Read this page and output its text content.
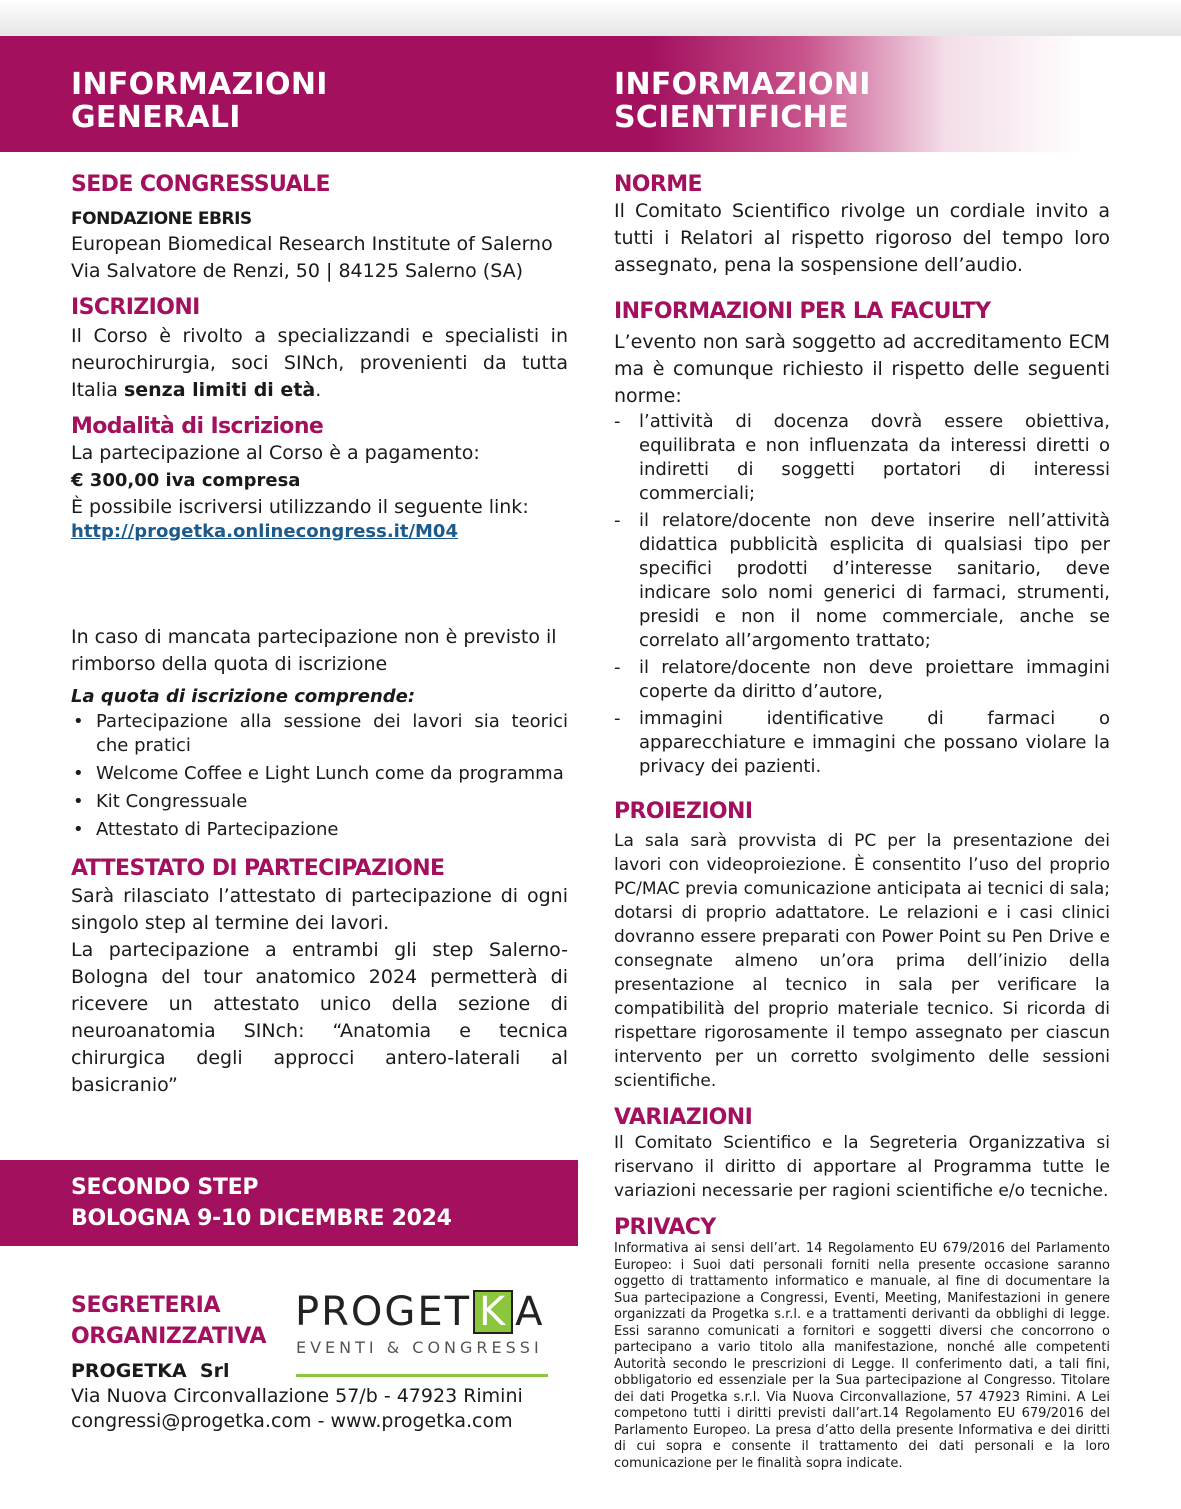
INFORMAZIONI
GENERALI
INFORMAZIONI
SCIENTIFICHE
SEDE CONGRESSUALE
FONDAZIONE EBRIS
European Biomedical Research Institute of Salerno
Via Salvatore de Renzi, 50 | 84125 Salerno (SA)
ISCRIZIONI
Il Corso è rivolto a specializzandi e specialisti in neurochirurgia, soci SINch, provenienti da tutta Italia senza limiti di età.
Modalità di Iscrizione
La partecipazione al Corso è a pagamento:
€ 300,00 iva compresa
È possibile iscriversi utilizzando il seguente link:
http://progetka.onlinecongress.it/M04
In caso di mancata partecipazione non è previsto il rimborso della quota di iscrizione
La quota di iscrizione comprende:
• Partecipazione alla sessione dei lavori sia teorici che pratici
• Welcome Coffee e Light Lunch come da programma
• Kit Congressuale
• Attestato di Partecipazione
ATTESTATO DI PARTECIPAZIONE
Sarà rilasciato l’attestato di partecipazione di ogni singolo step al termine dei lavori.
La partecipazione a entrambi gli step Salerno-Bologna del tour anatomico 2024 permetterà di ricevere un attestato unico della sezione di neuroanatomia SINch: “Anatomia e tecnica chirurgica degli approcci antero-laterali al basicranio”
SECONDO STEP
BOLOGNA 9-10 DICEMBRE 2024
SEGRETERIA
ORGANIZZATIVA
PROGETKA  Srl
Via Nuova Circonvallazione 57/b - 47923 Rimini
congressi@progetka.com - www.progetka.com
PROGET K A
EVENTI & CONGRESSI
NORME
Il Comitato Scientifico rivolge un cordiale invito a tutti i Relatori al rispetto rigoroso del tempo loro assegnato, pena la sospensione dell’audio.
INFORMAZIONI PER LA FACULTY
L’evento non sarà soggetto ad accreditamento ECM ma è comunque richiesto il rispetto delle seguenti norme:
- l’attività di docenza dovrà essere obiettiva, equilibrata e non influenzata da interessi diretti o indiretti di soggetti portatori di interessi commerciali;
- il relatore/docente non deve inserire nell’attività didattica pubblicità esplicita di qualsiasi tipo per specifici prodotti d’interesse sanitario, deve indicare solo nomi generici di farmaci, strumenti, presidi e non il nome commerciale, anche se correlato all’argomento trattato;
- il relatore/docente non deve proiettare immagini coperte da diritto d’autore,
- immagini identificative di farmaci o apparecchiature e immagini che possano violare la privacy dei pazienti.
PROIEZIONI
La sala sarà provvista di PC per la presentazione dei lavori con videoproiezione. È consentito l’uso del proprio PC/MAC previa comunicazione anticipata ai tecnici di sala; dotarsi di proprio adattatore. Le relazioni e i casi clinici dovranno essere preparati con Power Point su Pen Drive e consegnate almeno un’ora prima dell’inizio della presentazione al tecnico in sala per verificare la compatibilità del proprio materiale tecnico. Si ricorda di rispettare rigorosamente il tempo assegnato per ciascun intervento per un corretto svolgimento delle sessioni scientifiche.
VARIAZIONI
Il Comitato Scientifico e la Segreteria Organizzativa si riservano il diritto di apportare al Programma tutte le variazioni necessarie per ragioni scientifiche e/o tecniche.
PRIVACY
Informativa ai sensi dell’art. 14 Regolamento EU 679/2016 del Parlamento Europeo: i Suoi dati personali forniti nella presente occasione saranno oggetto di trattamento informatico e manuale, al fine di documentare la Sua partecipazione a Congressi, Eventi, Meeting, Manifestazioni in genere organizzati da Progetka s.r.l. e a trattamenti derivanti da obblighi di legge. Essi saranno comunicati a fornitori e soggetti diversi che concorrono o partecipano a vario titolo alla manifestazione, nonché alle competenti Autorità secondo le prescrizioni di Legge. Il conferimento dati, a tali fini, obbligatorio ed essenziale per la Sua partecipazione al Congresso. Titolare dei dati Progetka s.r.l. Via Nuova Circonvallazione, 57 47923 Rimini. A Lei competono tutti i diritti previsti dall’art.14 Regolamento EU 679/2016 del Parlamento Europeo. La presa d’atto della presente Informativa e dei diritti di cui sopra e consente il trattamento dei dati personali e la loro comunicazione per le finalità sopra indicate.
